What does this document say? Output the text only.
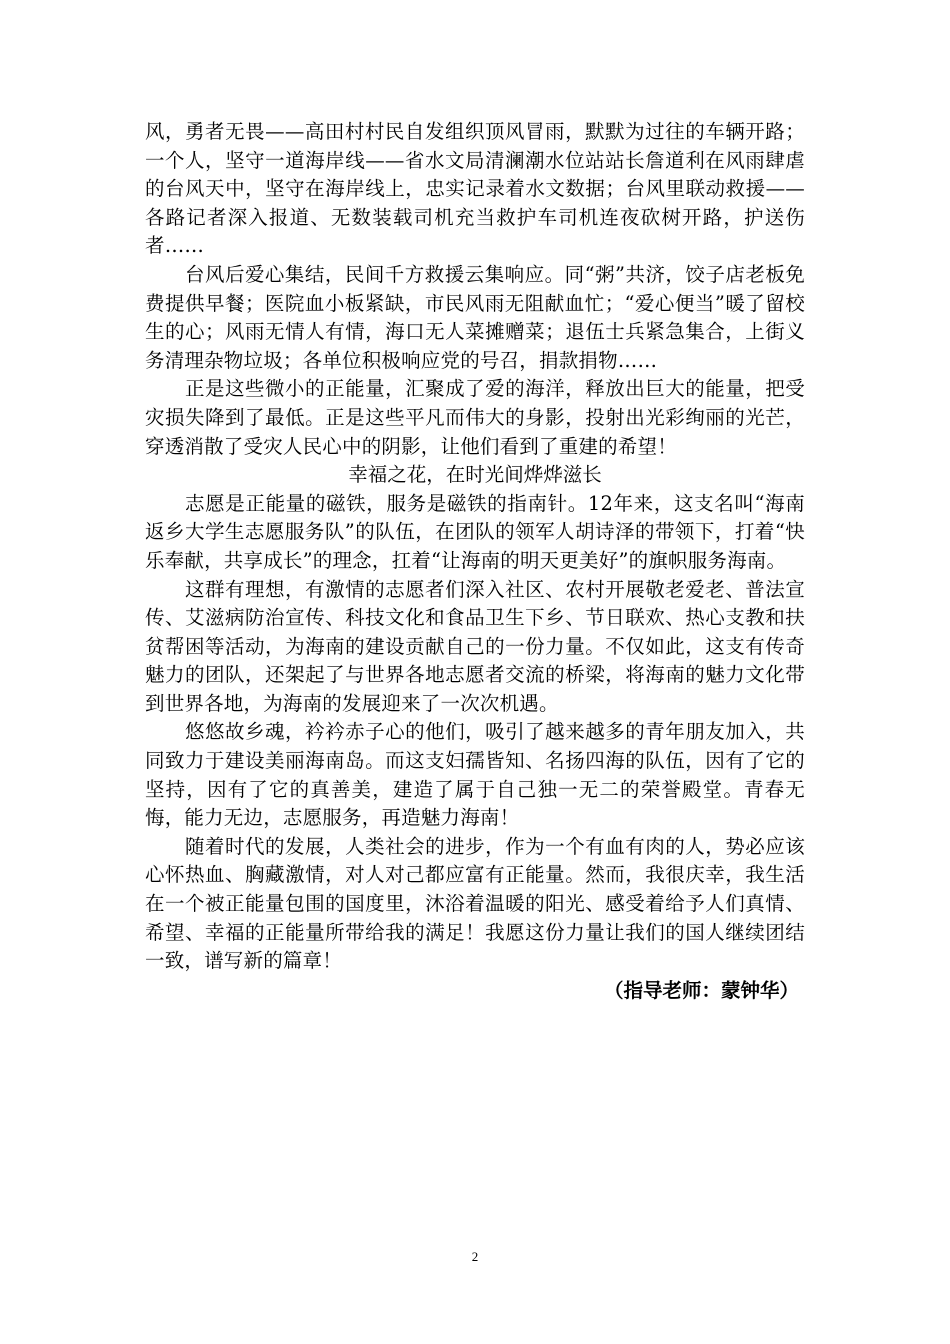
风，勇者无畏——高田村村民自发组织顶风冒雨，默默为过往的车辆开路；一个人，坚守一道海岸线——省水文局清澜潮水位站站长詹道利在风雨肆虐的台风天中，坚守在海岸线上，忠实记录着水文数据；台风里联动救援——各路记者深入报道、无数装载司机充当救护车司机连夜砍树开路，护送伤者……

台风后爱心集结，民间千方救援云集响应。同“粥”共济，饺子店老板免费提供早餐；医院血小板紧缺，市民风雨无阻献血忙；“爱心便当”暖了留校生的心；风雨无情人有情，海口无人菜摊赠菜；退伍士兵紧急集合，上街义务清理杂物垃圾；各单位积极响应党的号召，捐款捐物……

正是这些微小的正能量，汇聚成了爱的海洋，释放出巨大的能量，把受灾损失降到了最低。正是这些平凡而伟大的身影，投射出光彩绚丽的光芒，穿透消散了受灾人民心中的阴影，让他们看到了重建的希望！

幸福之花，在时光间烨烨滋长

志愿是正能量的磁铁，服务是磁铁的指南针。12年来，这支名叫“海南返乡大学生志愿服务队”的队伍，在团队的领军人胡诗泽的带领下，打着“快乐奉献，共享成长”的理念，扛着“让海南的明天更美好”的旗帜服务海南。

这群有理想，有激情的志愿者们深入社区、农村开展敬老爱老、普法宣传、艾滋病防治宣传、科技文化和食品卫生下乡、节日联欢、热心支教和扶贫帮困等活动，为海南的建设贡献自己的一份力量。不仅如此，这支有传奇魅力的团队，还架起了与世界各地志愿者交流的桥梁，将海南的魅力文化带到世界各地，为海南的发展迎来了一次次机遇。

悠悠故乡魂，衿衿赤子心的他们，吸引了越来越多的青年朋友加入，共同致力于建设美丽海南岛。而这支妇孺皆知、名扬四海的队伍，因有了它的坚持，因有了它的真善美，建造了属于自己独一无二的荣誉殿堂。青春无悔，能力无边，志愿服务，再造魅力海南！

随着时代的发展，人类社会的进步，作为一个有血有肉的人，势必应该心怀热血、胸藏激情，对人对己都应富有正能量。然而，我很庆幸，我生活在一个被正能量包围的国度里，沐浴着温暖的阳光、感受着给予人们真情、希望、幸福的正能量所带给我的满足！我愿这份力量让我们的国人继续团结一致，谱写新的篇章！

（指导老师：蒙钟华）

2
